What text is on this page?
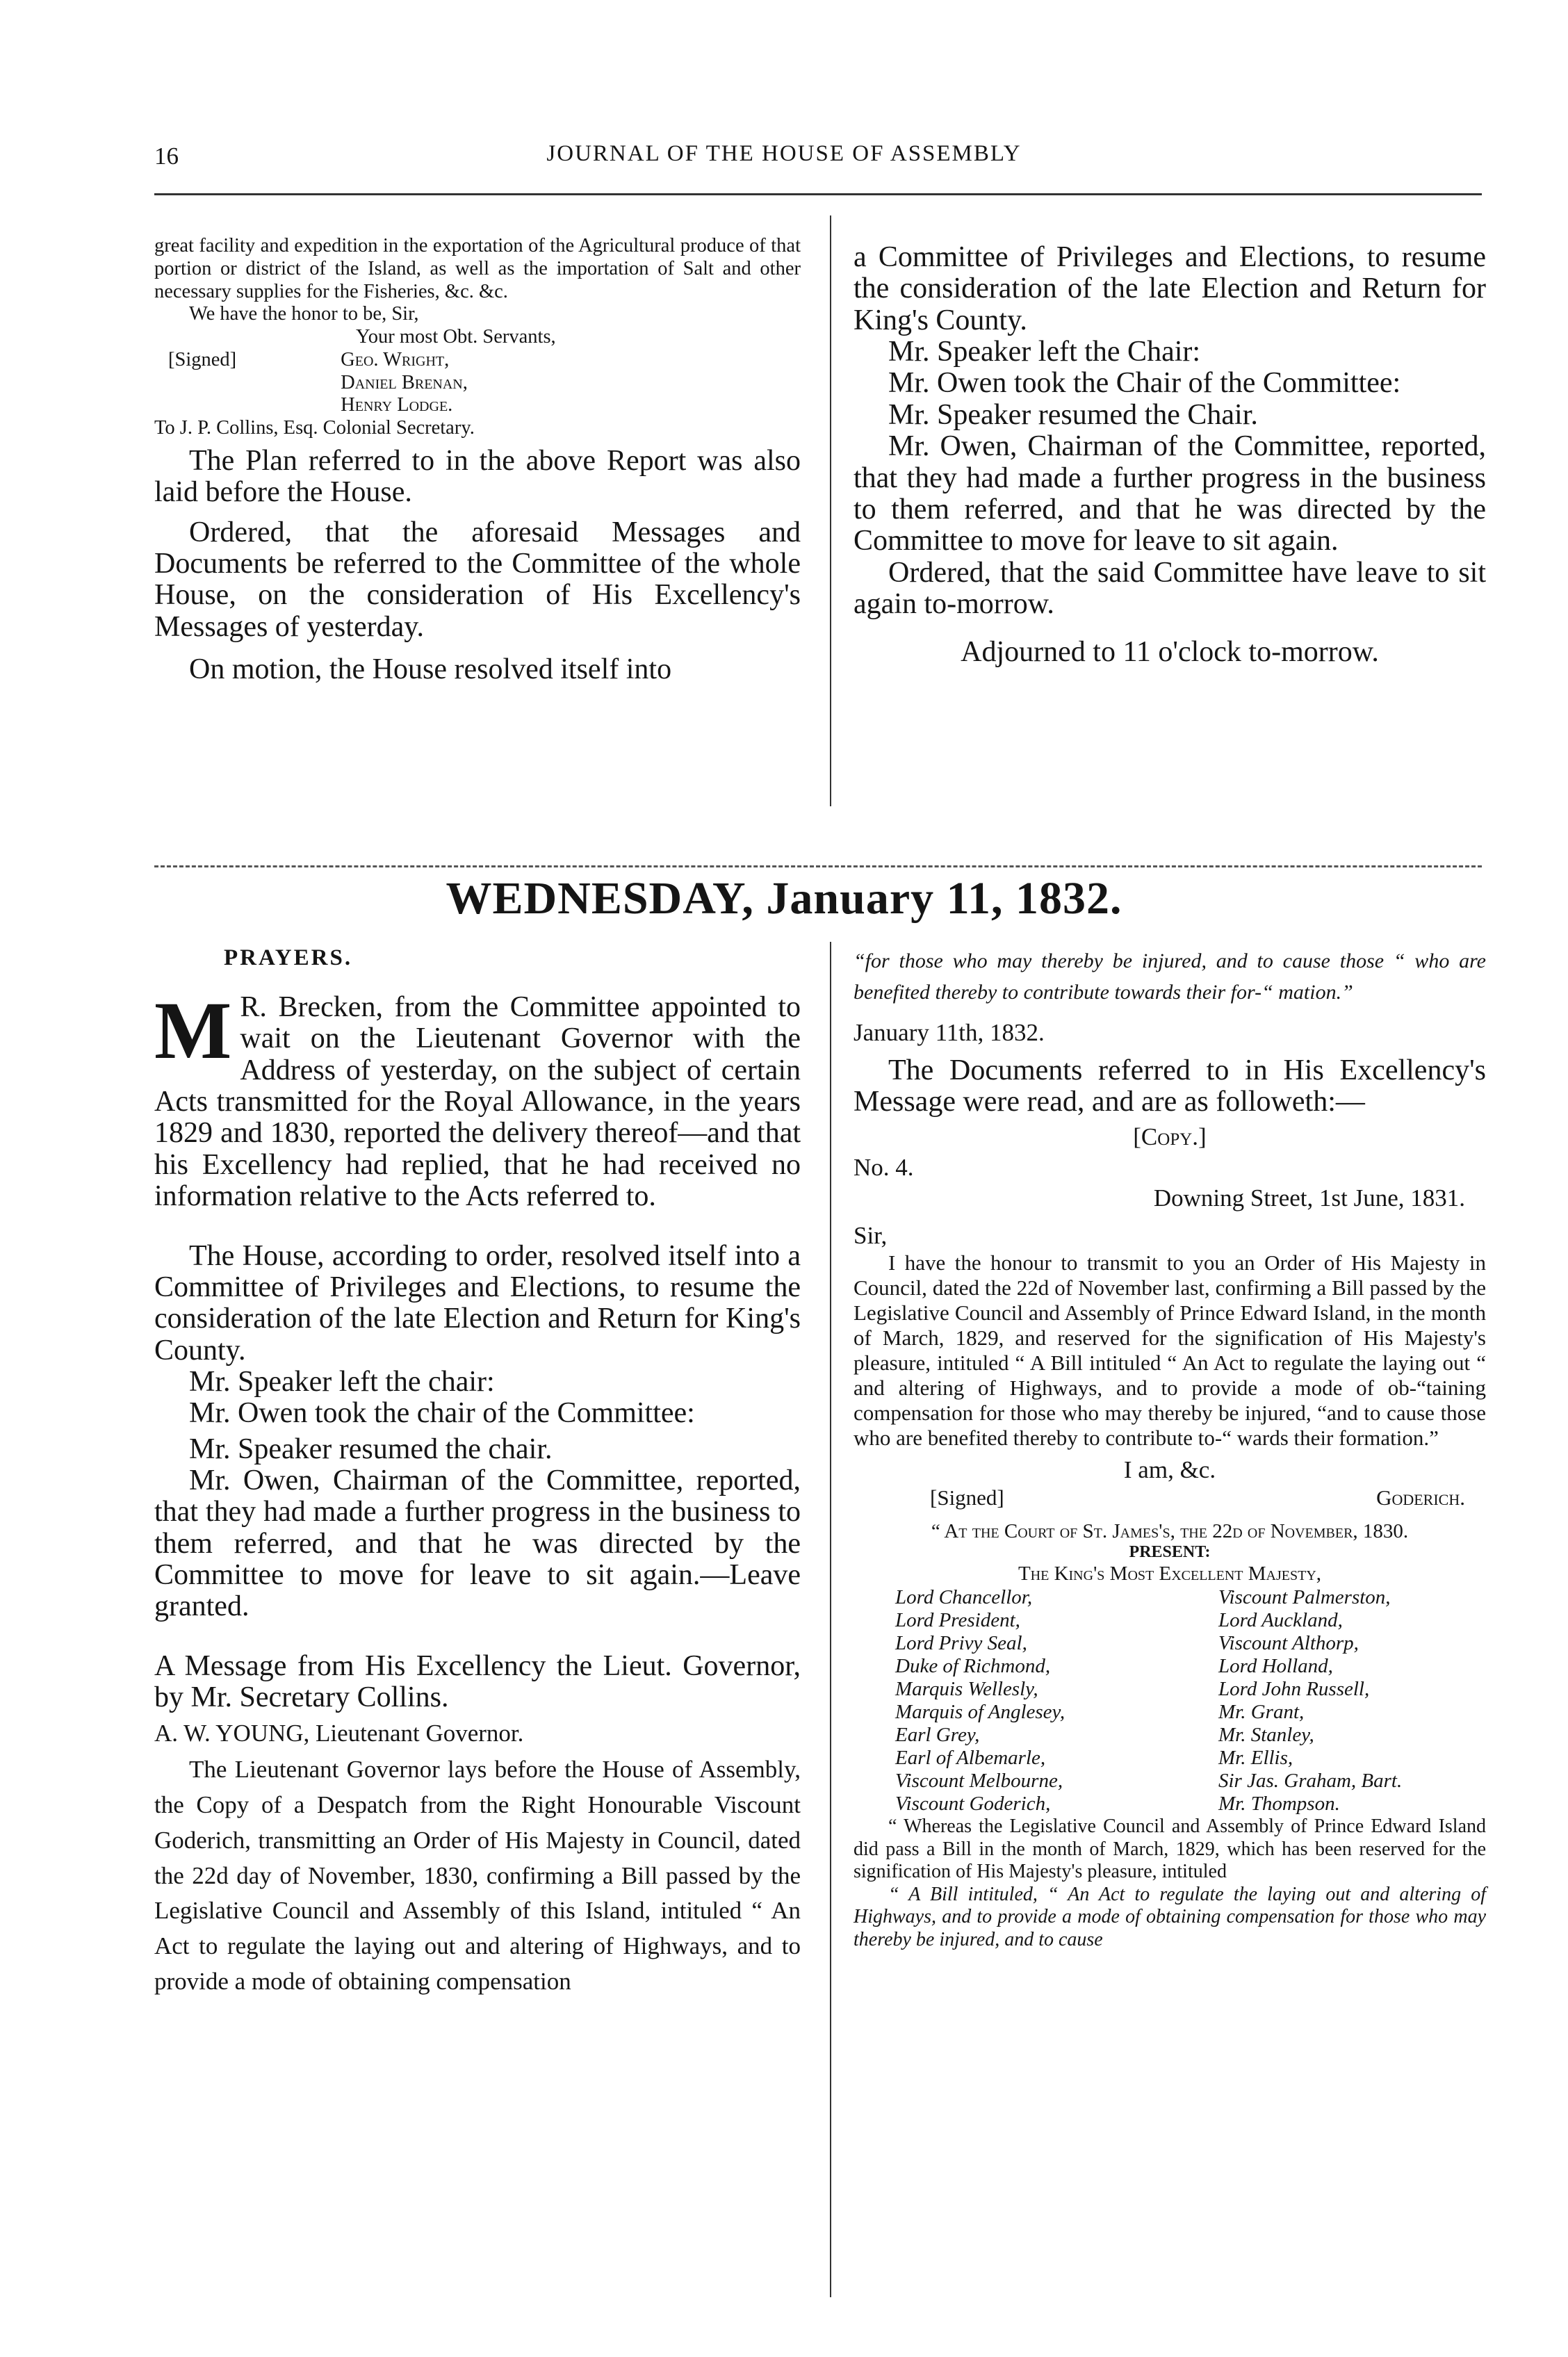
16	JOURNAL OF THE HOUSE OF ASSEMBLY

great facility and expedition in the exportation of the Agricultural produce of that portion or district of the Island, as well as the importation of Salt and other necessary supplies for the Fisheries, &c. &c.

We have the honor to be, Sir,

Your most Obt. Servants,

[Signed]	Geo. Wright,
Daniel Brenan,
Henry Lodge.

To J. P. Collins, Esq. Colonial Secretary.

The Plan referred to in the above Report was also laid before the House.

Ordered, that the aforesaid Messages and Documents be referred to the Committee of the whole House, on the consideration of His Excellency's Messages of yesterday.

On motion, the House resolved itself into

a Committee of Privileges and Elections, to resume the consideration of the late Election and Return for King's County.

Mr. Speaker left the Chair:

Mr. Owen took the Chair of the Committee:

Mr. Speaker resumed the Chair.

Mr. Owen, Chairman of the Committee, reported, that they had made a further progress in the business to them referred, and that he was directed by the Committee to move for leave to sit again.

Ordered, that the said Committee have leave to sit again to-morrow.

Adjourned to 11 o'clock to-morrow.

WEDNESDAY, January 11, 1832.
PRAYERS.
M R. Brecken, from the Committee appointed to wait on the Lieutenant Governor with the Address of yesterday, on the subject of certain Acts transmitted for the Royal Allowance, in the years 1829 and 1830, reported the delivery thereof—and that his Excellency had replied, that he had received no information relative to the Acts referred to.

The House, according to order, resolved itself into a Committee of Privileges and Elections, to resume the consideration of the late Election and Return for King's County.

Mr. Speaker left the chair:

Mr. Owen took the chair of the Committee:

Mr. Speaker resumed the chair.

Mr. Owen, Chairman of the Committee, reported, that they had made a further progress in the business to them referred, and that he was directed by the Committee to move for leave to sit again.—Leave granted.

A Message from His Excellency the Lieut. Governor, by Mr. Secretary Collins.

A. W. YOUNG, Lieutenant Governor.

The Lieutenant Governor lays before the House of Assembly, the Copy of a Despatch from the Right Honourable Viscount Goderich, transmitting an Order of His Majesty in Council, dated the 22d day of November, 1830, confirming a Bill passed by the Legislative Council and Assembly of this Island, intituled “ An Act to regulate the laying out and altering of Highways, and to provide a mode of obtaining compensation

“for those who may thereby be injured, and to cause those “ who are benefited thereby to contribute towards their for-“ mation.”

January 11th, 1832.

The Documents referred to in His Excellency's Message were read, and are as followeth:—

[Copy.]

No. 4.

Downing Street, 1st June, 1831.

Sir,

I have the honour to transmit to you an Order of His Majesty in Council, dated the 22d of November last, confirming a Bill passed by the Legislative Council and Assembly of Prince Edward Island, in the month of March, 1829, and reserved for the signification of His Majesty's pleasure, intituled “ A Bill intituled “ An Act to regulate the laying out “ and altering of Highways, and to provide a mode of ob-“taining compensation for those who may thereby be injured, “and to cause those who are benefited thereby to contribute to-“ wards their formation.”

I am, &c.

[Signed]	Goderich.

“ At the Court of St. James's, the 22d of November, 1830.

PRESENT:

The King's Most Excellent Majesty,

Lord Chancellor,	Viscount Palmerston,
Lord President,	Lord Auckland,
Lord Privy Seal,	Viscount Althorp,
Duke of Richmond,	Lord Holland,
Marquis Wellesly,	Lord John Russell,
Marquis of Anglesey,	Mr. Grant,
Earl Grey,	Mr. Stanley,
Earl of Albemarle,	Mr. Ellis,
Viscount Melbourne,	Sir Jas. Graham, Bart.
Viscount Goderich,	Mr. Thompson.

“ Whereas the Legislative Council and Assembly of Prince Edward Island did pass a Bill in the month of March, 1829, which has been reserved for the signification of His Majesty's pleasure, intituled

“ A Bill intituled, “ An Act to regulate the laying out and altering of Highways, and to provide a mode of obtaining compensation for those who may thereby be injured, and to cause
